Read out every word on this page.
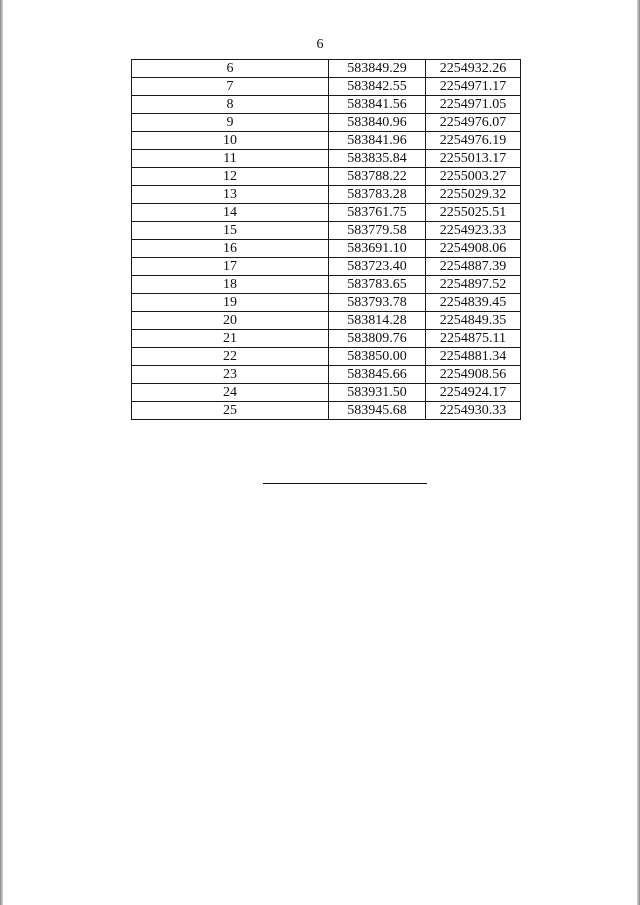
6
6	583849.29	2254932.26
7	583842.55	2254971.17
8	583841.56	2254971.05
9	583840.96	2254976.07
10	583841.96	2254976.19
11	583835.84	2255013.17
12	583788.22	2255003.27
13	583783.28	2255029.32
14	583761.75	2255025.51
15	583779.58	2254923.33
16	583691.10	2254908.06
17	583723.40	2254887.39
18	583783.65	2254897.52
19	583793.78	2254839.45
20	583814.28	2254849.35
21	583809.76	2254875.11
22	583850.00	2254881.34
23	583845.66	2254908.56
24	583931.50	2254924.17
25	583945.68	2254930.33
